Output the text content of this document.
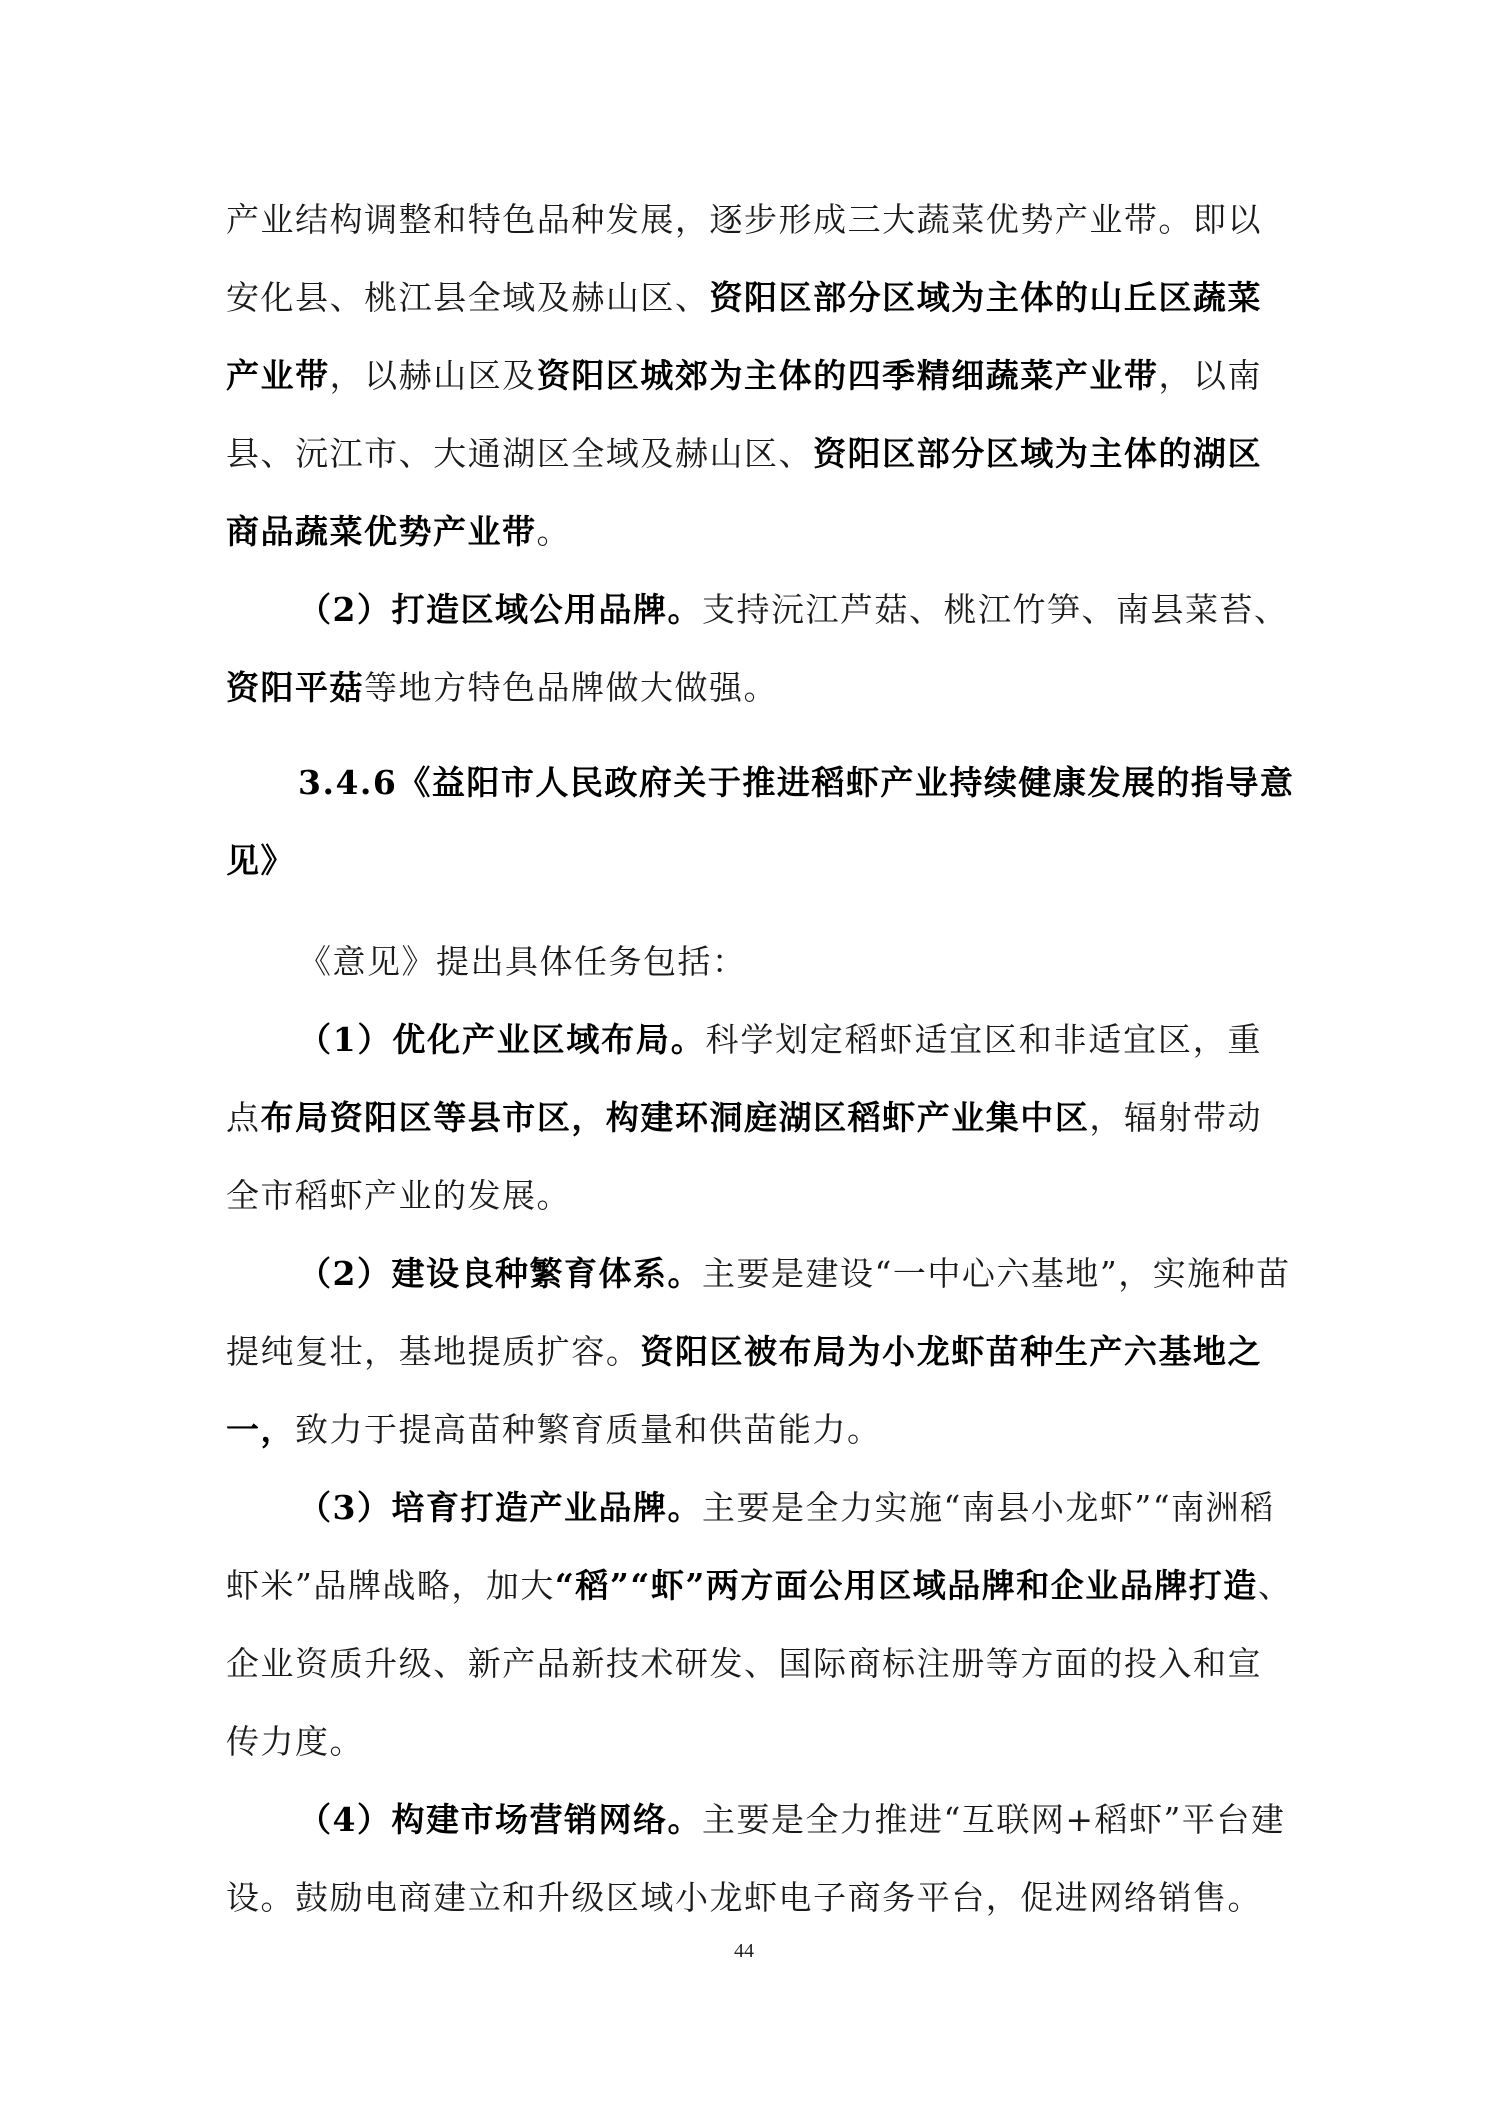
产业结构调整和特色品种发展，逐步形成三大蔬菜优势产业带。即以
安化县、桃江县全域及赫山区、资阳区部分区域为主体的山丘区蔬菜
产业带，以赫山区及资阳区城郊为主体的四季精细蔬菜产业带，以南
县、沅江市、大通湖区全域及赫山区、资阳区部分区域为主体的湖区
商品蔬菜优势产业带。
（2）打造区域公用品牌。支持沅江芦菇、桃江竹笋、南县菜苔、
资阳平菇等地方特色品牌做大做强。
3.4.6《益阳市人民政府关于推进稻虾产业持续健康发展的指导意
见》
《意见》提出具体任务包括：
（1）优化产业区域布局。科学划定稻虾适宜区和非适宜区，重
点布局资阳区等县市区，构建环洞庭湖区稻虾产业集中区，辐射带动
全市稻虾产业的发展。
（2）建设良种繁育体系。主要是建设“一中心六基地”，实施种苗
提纯复壮，基地提质扩容。资阳区被布局为小龙虾苗种生产六基地之
一，致力于提高苗种繁育质量和供苗能力。
（3）培育打造产业品牌。主要是全力实施“南县小龙虾”“南洲稻
虾米”品牌战略，加大“稻”“虾”两方面公用区域品牌和企业品牌打造、
企业资质升级、新产品新技术研发、国际商标注册等方面的投入和宣
传力度。
（4）构建市场营销网络。主要是全力推进“互联网+稻虾”平台建
设。鼓励电商建立和升级区域小龙虾电子商务平台，促进网络销售。
44
